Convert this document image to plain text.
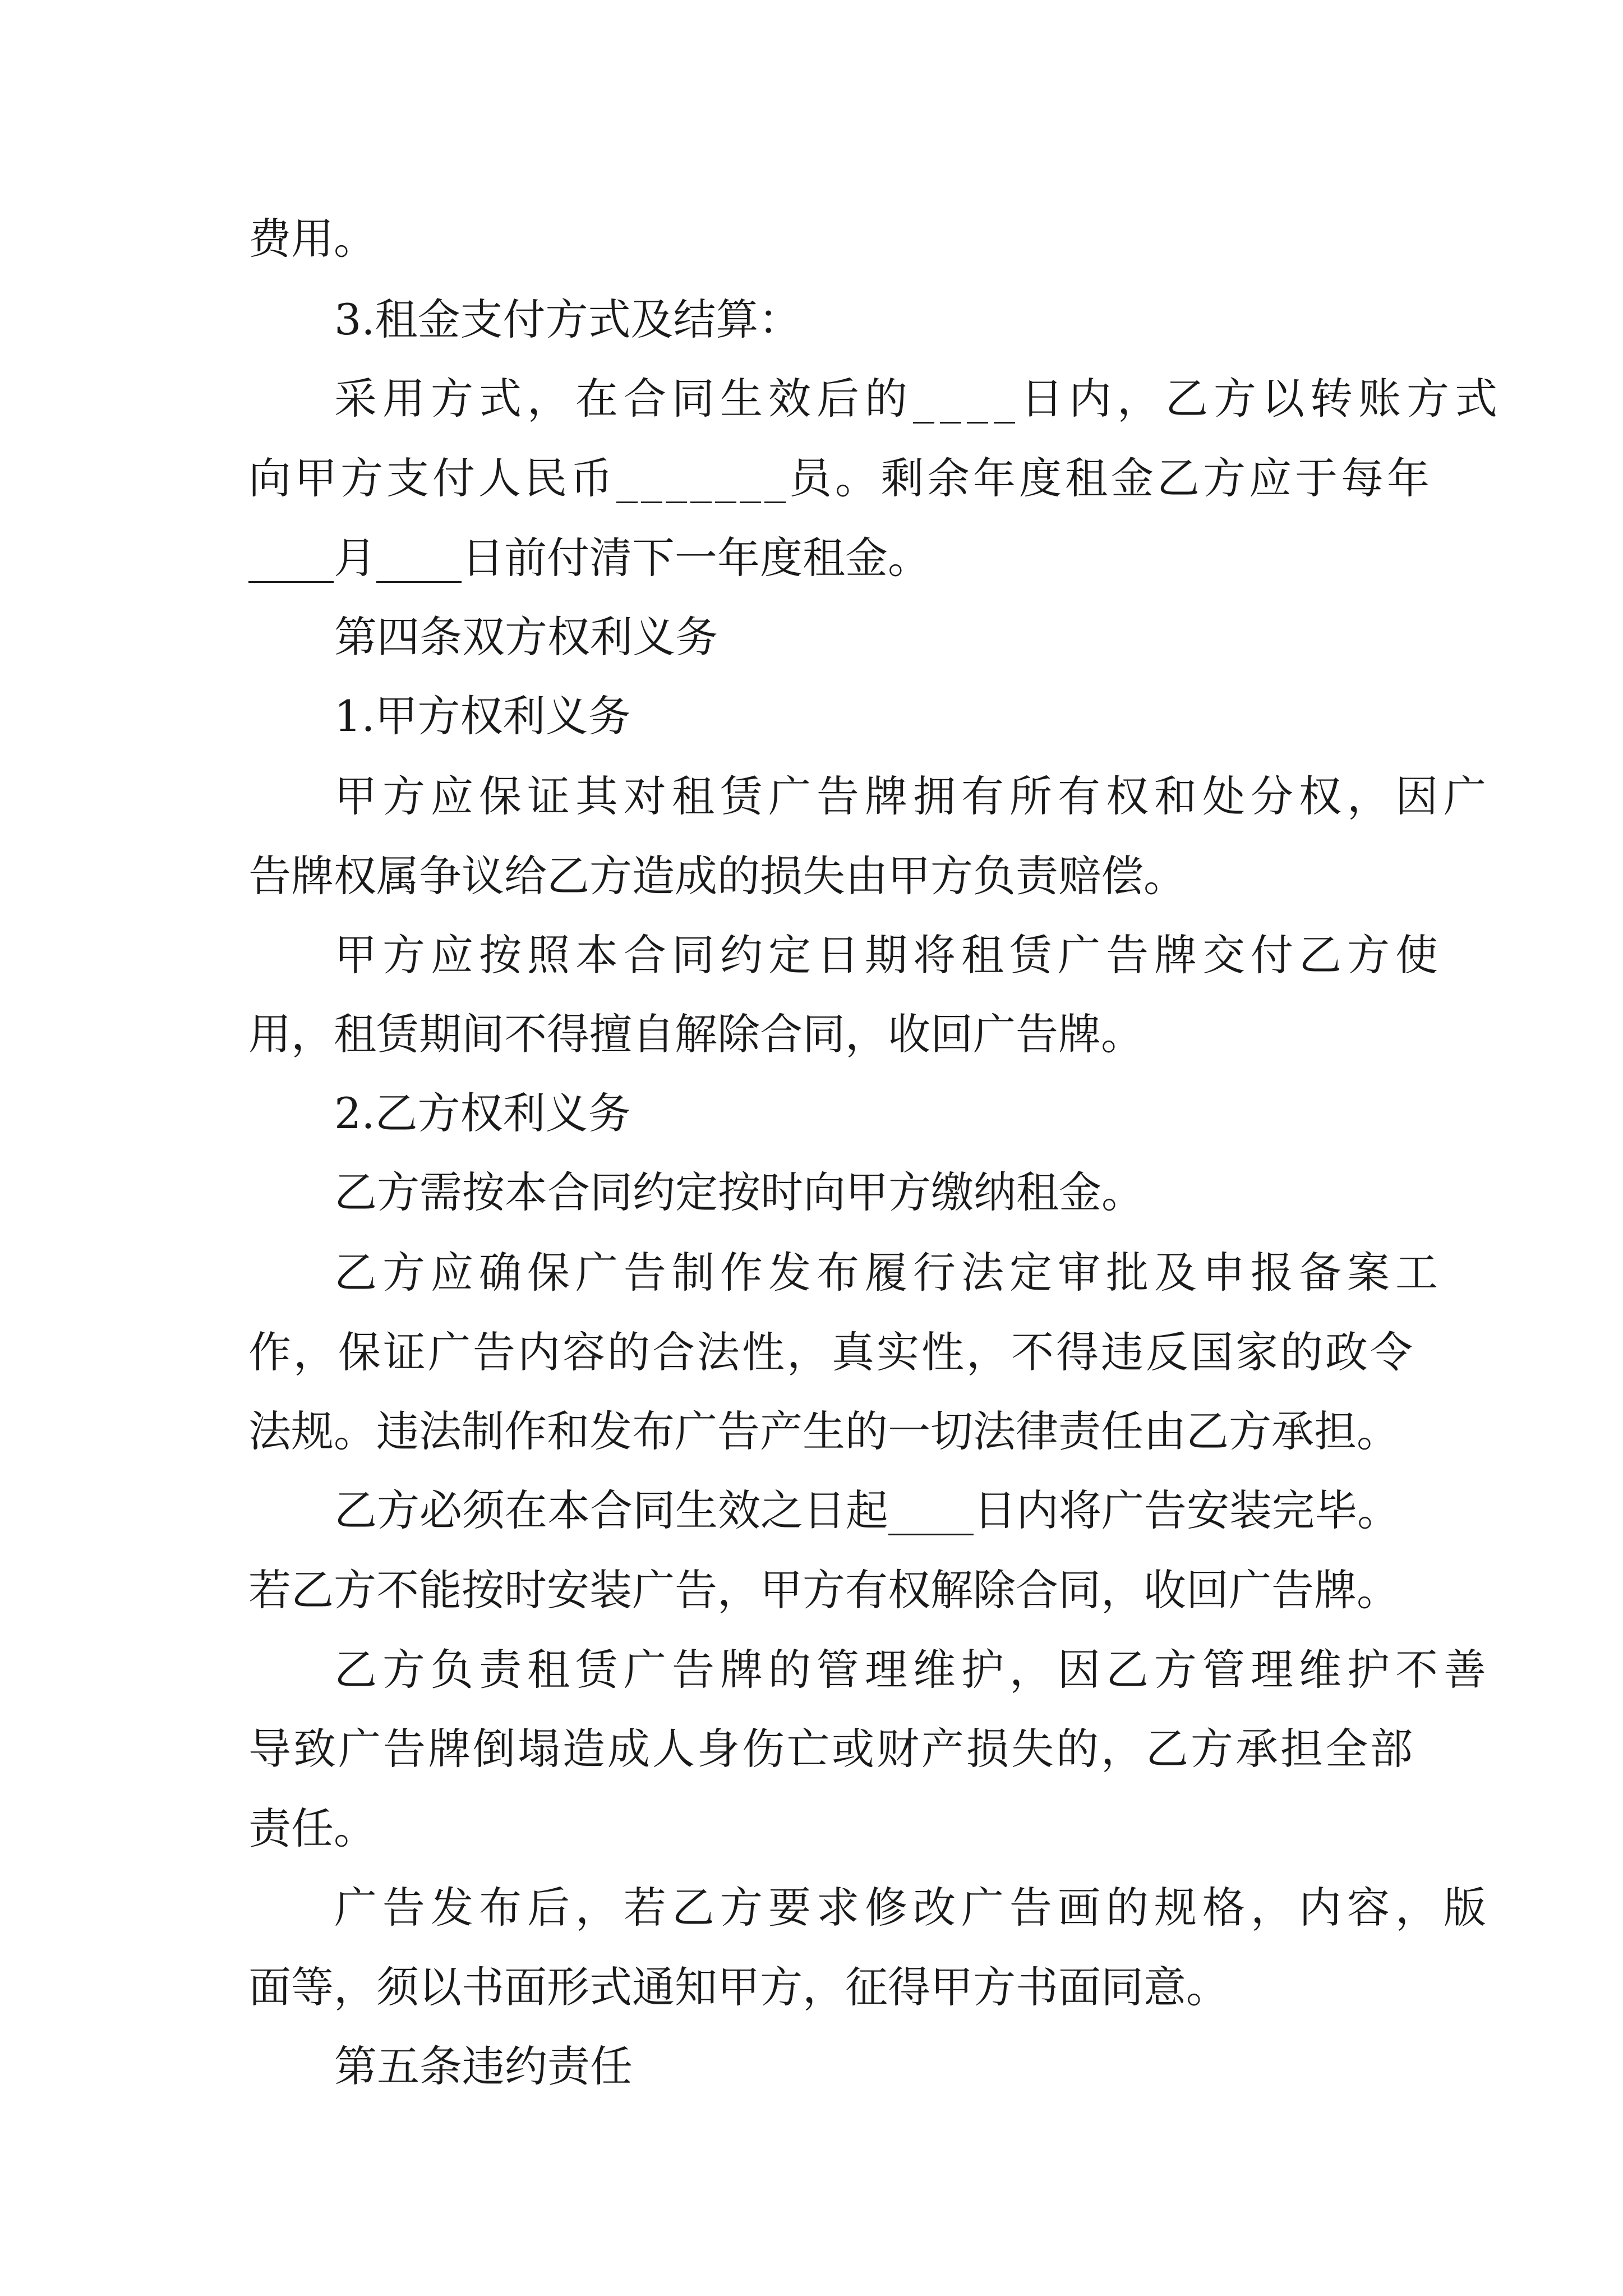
费用。
3.租金支付方式及结算：
采用方式，在合同生效后的____日内，乙方以转账方式
向甲方支付人民币_______员。剩余年度租金乙方应于每年
____月____日前付清下一年度租金。
第四条双方权利义务
1.甲方权利义务
甲方应保证其对租赁广告牌拥有所有权和处分权，因广
告牌权属争议给乙方造成的损失由甲方负责赔偿。
甲方应按照本合同约定日期将租赁广告牌交付乙方使
用，租赁期间不得擅自解除合同，收回广告牌。
2.乙方权利义务
乙方需按本合同约定按时向甲方缴纳租金。
乙方应确保广告制作发布履行法定审批及申报备案工
作，保证广告内容的合法性，真实性，不得违反国家的政令
法规。违法制作和发布广告产生的一切法律责任由乙方承担。
乙方必须在本合同生效之日起____日内将广告安装完毕。
若乙方不能按时安装广告，甲方有权解除合同，收回广告牌。
乙方负责租赁广告牌的管理维护，因乙方管理维护不善
导致广告牌倒塌造成人身伤亡或财产损失的，乙方承担全部
责任。
广告发布后，若乙方要求修改广告画的规格，内容，版
面等，须以书面形式通知甲方，征得甲方书面同意。
第五条违约责任
